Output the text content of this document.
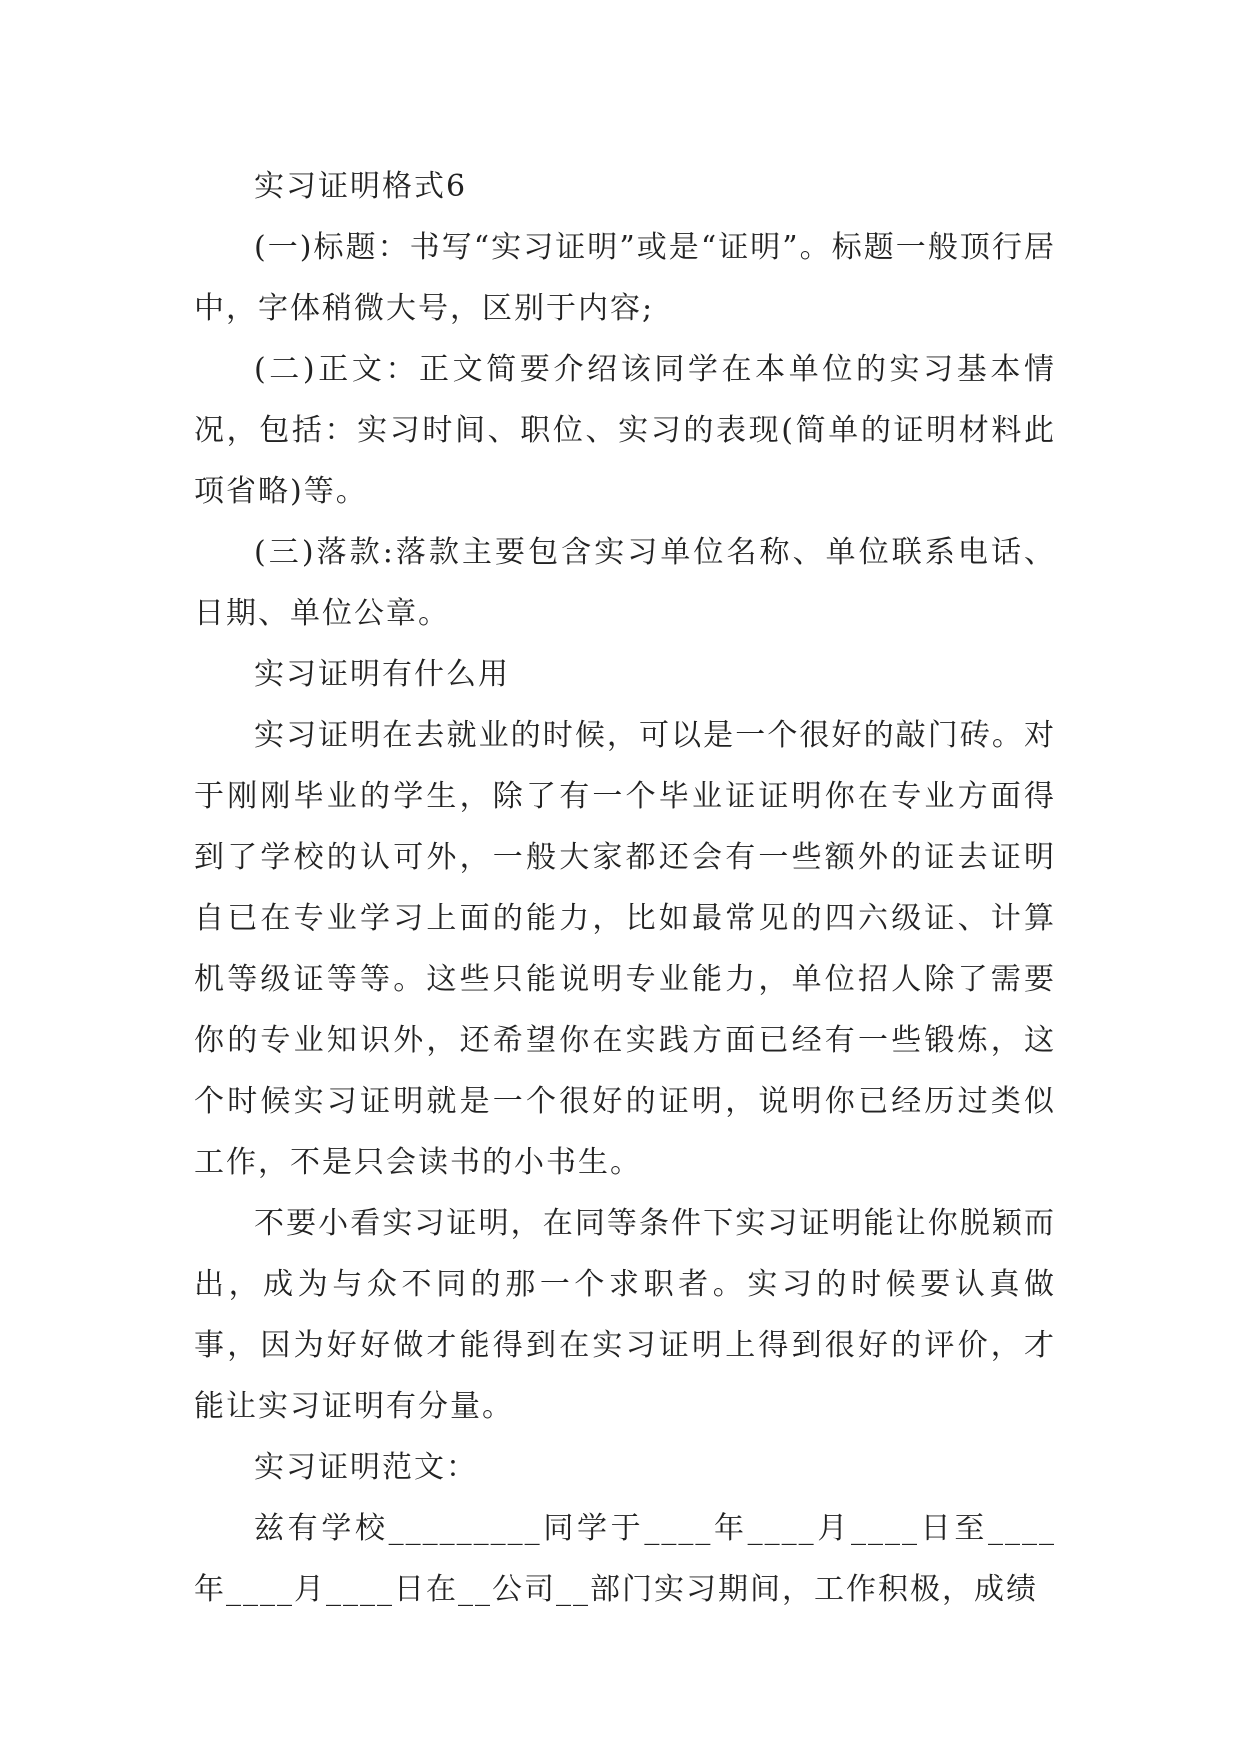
实习证明格式6

(一)标题：书写“实习证明”或是“证明”。标题一般顶行居中，字体稍微大号，区别于内容;

(二)正文：正文简要介绍该同学在本单位的实习基本情况，包括：实习时间、职位、实习的表现(简单的证明材料此项省略)等。

(三)落款:落款主要包含实习单位名称、单位联系电话、日期、单位公章。

实习证明有什么用

实习证明在去就业的时候，可以是一个很好的敲门砖。对于刚刚毕业的学生，除了有一个毕业证证明你在专业方面得到了学校的认可外，一般大家都还会有一些额外的证去证明自已在专业学习上面的能力，比如最常见的四六级证、计算机等级证等等。这些只能说明专业能力，单位招人除了需要你的专业知识外，还希望你在实践方面已经有一些锻炼，这个时候实习证明就是一个很好的证明，说明你已经历过类似工作，不是只会读书的小书生。

不要小看实习证明，在同等条件下实习证明能让你脱颖而出，成为与众不同的那一个求职者。实习的时候要认真做事，因为好好做才能得到在实习证明上得到很好的评价，才能让实习证明有分量。

实习证明范文：

兹有学校_________同学于____年____月____日至____年____月____日在__公司__部门实习期间，工作积极，成绩
